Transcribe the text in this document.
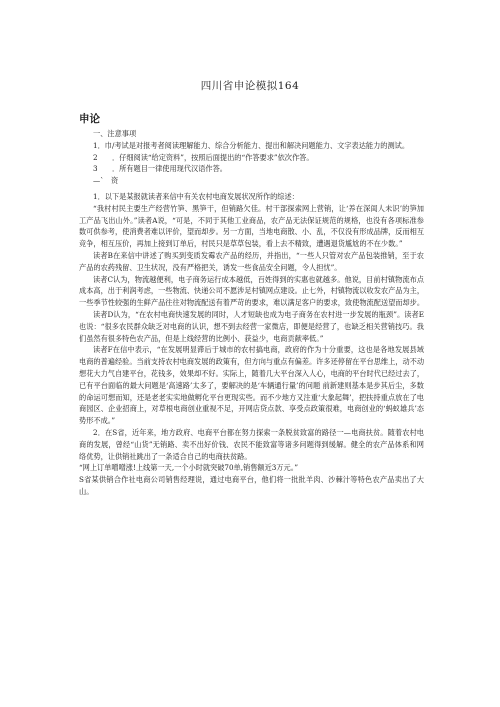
四川省申论模拟164
申论

一、注意事项

1．巾/考试是对报考者阅读理解能力、综合分析能力、提出和解决问题能力、文字表达能力的测试。

2　　．仔细阅读“给定资料”，按照后面提出的“作答要求”依次作答。

3　　．所有题目一律使用现代汉语作答。

—ˋ　资

1．以下是某报就读者来信中有关农村电商发展状况所作的综述：

“我村村民主要生产经营竹笋、黑笋干，但销路欠佳。村干部探索网上营销，让‘养在深闺人未识’的笋加工产品飞出山外。”读者A说，“可是，不同于其他工业商品，农产品无法保证规范的规格，也没有各项标准参数可供参考，使消费者难以评价，望而却步。另一方面，当地电商散、小、乱，不仅没有形成品牌，反而相互竞争，相互压价，再加上接到订单后，村民只是草草包装，看上去不精致，遭遇退货尴尬的不在少数。”

读者B在来信中讲述了购买到变质发霉农产品的经历，并指出，“一些人只管对农产品包装推销，至于农产品的农药残留、卫生状况，没有严格把关，诱发一些食品安全问题，令人担忧”。

读者C认为，物流越便利，电子商务运行成本越低，百姓得到的实惠也就越多。他说，目前村镇物流布点成本高，出于利润考虑，一些物流、快递公司不愿涉足村镇网点建设。止七外，村镇物流以收发农产品为主，一些季节性较强的生鲜产品往往对物流配送有着严苛的要求，难以满足客户的要求，致使物流配送望而却步。

读者D认为，“在农村电商快速发展的同时，人才短缺也成为电子商务在农村进一步发展的瓶颈”。读者E也说：“很多农民群众缺乏对电商的认识，想不到去经营一家微店，即便是经营了，也缺乏相关营销技巧。我们虽然有很多特色农产品，但是上线经营的比例小、获益少，电商贡献率低。”

读者F在信中表示，“在发展明显滞后于城市的农村搞电商，政府的作为十分重要，这也是各地发展县域电商的普遍经验。当前支持农村电商发展的政策有，但方向与重点有偏差。许多还停留在平台思维上，动不动想花大力气自建平台，花钱多，效果却不好。实际上，随着几大平台深入人心，电商的平台时代已经过去了，已有平台面临的最大问题是‘高速路’太多了，要解决的是‘车辆通行量’的问题 前新建则基本是步其后尘，多数的命运可想而知，还是老老实实地做孵化平台更现实些。而不少地方又注重‘大象起舞’，把扶持重点放在了电商园区、企业招商上，对草根电商创业重视不足，开网店贷点款、享受点政策很难，电商创业的‘蚂蚁雄兵’态势形不成。”

2．在S省，近年来，地方政府、电商平台都在努力探索一条脱贫致富的路径一—电商扶贫。随着农村电商的发展，曾经“山货”无销路、卖不出好价钱、农民不能致富等诸多问题得到缓解。健全的农产品体系和网络优势，让供销社跳出了一条适合自己的电商扶贫路。

“网上订单噌噌涨!上线第一天,一个小时就突破70单,销售额近3万元。”

S省某供销合作社电商公司销售经理说，通过电商平台，他们将一批批羊肉、沙棘汁等特色农产品卖出了大山。
